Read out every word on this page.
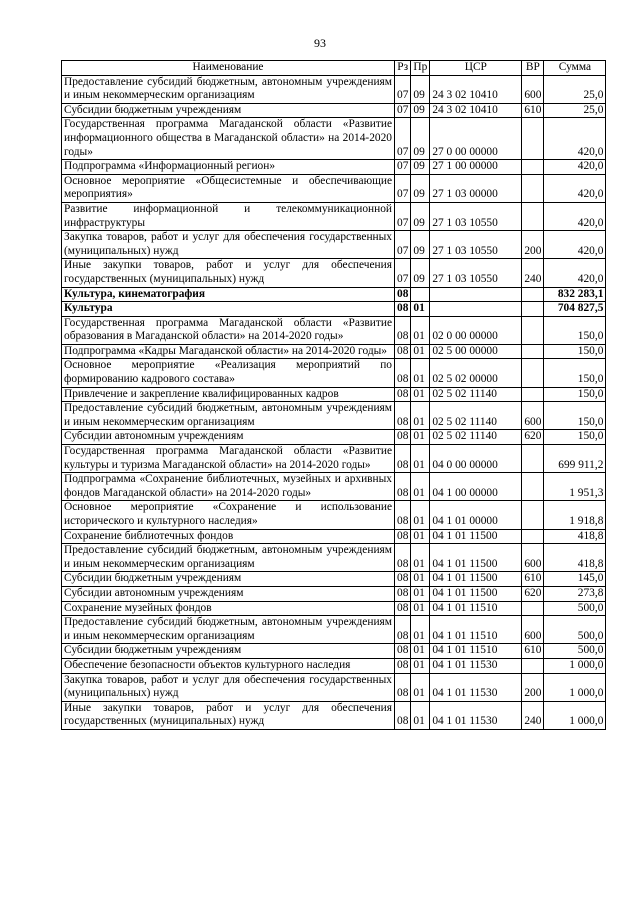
93
Наименование	Рз	Пр	ЦСР	ВР	Сумма
Предоставление субсидий бюджетным, автономным учреждениям и иным некоммерческим организациям	07	09	24 3 02 10410	600	25,0
Субсидии бюджетным учреждениям	07	09	24 3 02 10410	610	25,0
Государственная программа Магаданской области «Развитие информационного общества в Магаданской области» на 2014-2020 годы»	07	09	27 0 00 00000		420,0
Подпрограмма «Информационный регион»	07	09	27 1 00 00000		420,0
Основное мероприятие «Общесистемные и обеспечивающие мероприятия»	07	09	27 1 03 00000		420,0
Развитие информационной и телекоммуникационной инфраструктуры	07	09	27 1 03 10550		420,0
Закупка товаров, работ и услуг для обеспечения государственных (муниципальных) нужд	07	09	27 1 03 10550	200	420,0
Иные закупки товаров, работ и услуг для обеспечения государственных (муниципальных) нужд	07	09	27 1 03 10550	240	420,0
Культура, кинематография	08				832 283,1
Культура	08	01			704 827,5
Государственная программа Магаданской области «Развитие образования в Магаданской области» на 2014-2020 годы»	08	01	02 0 00 00000		150,0
Подпрограмма «Кадры Магаданской области» на 2014-2020 годы»	08	01	02 5 00 00000		150,0
Основное мероприятие «Реализация мероприятий по формированию кадрового состава»	08	01	02 5 02 00000		150,0
Привлечение и закрепление квалифицированных кадров	08	01	02 5 02 11140		150,0
Предоставление субсидий бюджетным, автономным учреждениям и иным некоммерческим организациям	08	01	02 5 02 11140	600	150,0
Субсидии автономным учреждениям	08	01	02 5 02 11140	620	150,0
Государственная программа Магаданской области «Развитие культуры и туризма Магаданской области» на 2014-2020 годы»	08	01	04 0 00 00000		699 911,2
Подпрограмма «Сохранение библиотечных, музейных и архивных фондов Магаданской области» на 2014-2020 годы»	08	01	04 1 00 00000		1 951,3
Основное мероприятие «Сохранение и использование исторического и культурного наследия»	08	01	04 1 01 00000		1 918,8
Сохранение библиотечных фондов	08	01	04 1 01 11500		418,8
Предоставление субсидий бюджетным, автономным учреждениям и иным некоммерческим организациям	08	01	04 1 01 11500	600	418,8
Субсидии бюджетным учреждениям	08	01	04 1 01 11500	610	145,0
Субсидии автономным учреждениям	08	01	04 1 01 11500	620	273,8
Сохранение музейных фондов	08	01	04 1 01 11510		500,0
Предоставление субсидий бюджетным, автономным учреждениям и иным некоммерческим организациям	08	01	04 1 01 11510	600	500,0
Субсидии бюджетным учреждениям	08	01	04 1 01 11510	610	500,0
Обеспечение безопасности объектов культурного наследия	08	01	04 1 01 11530		1 000,0
Закупка товаров, работ и услуг для обеспечения государственных (муниципальных) нужд	08	01	04 1 01 11530	200	1 000,0
Иные закупки товаров, работ и услуг для обеспечения государственных (муниципальных) нужд	08	01	04 1 01 11530	240	1 000,0
